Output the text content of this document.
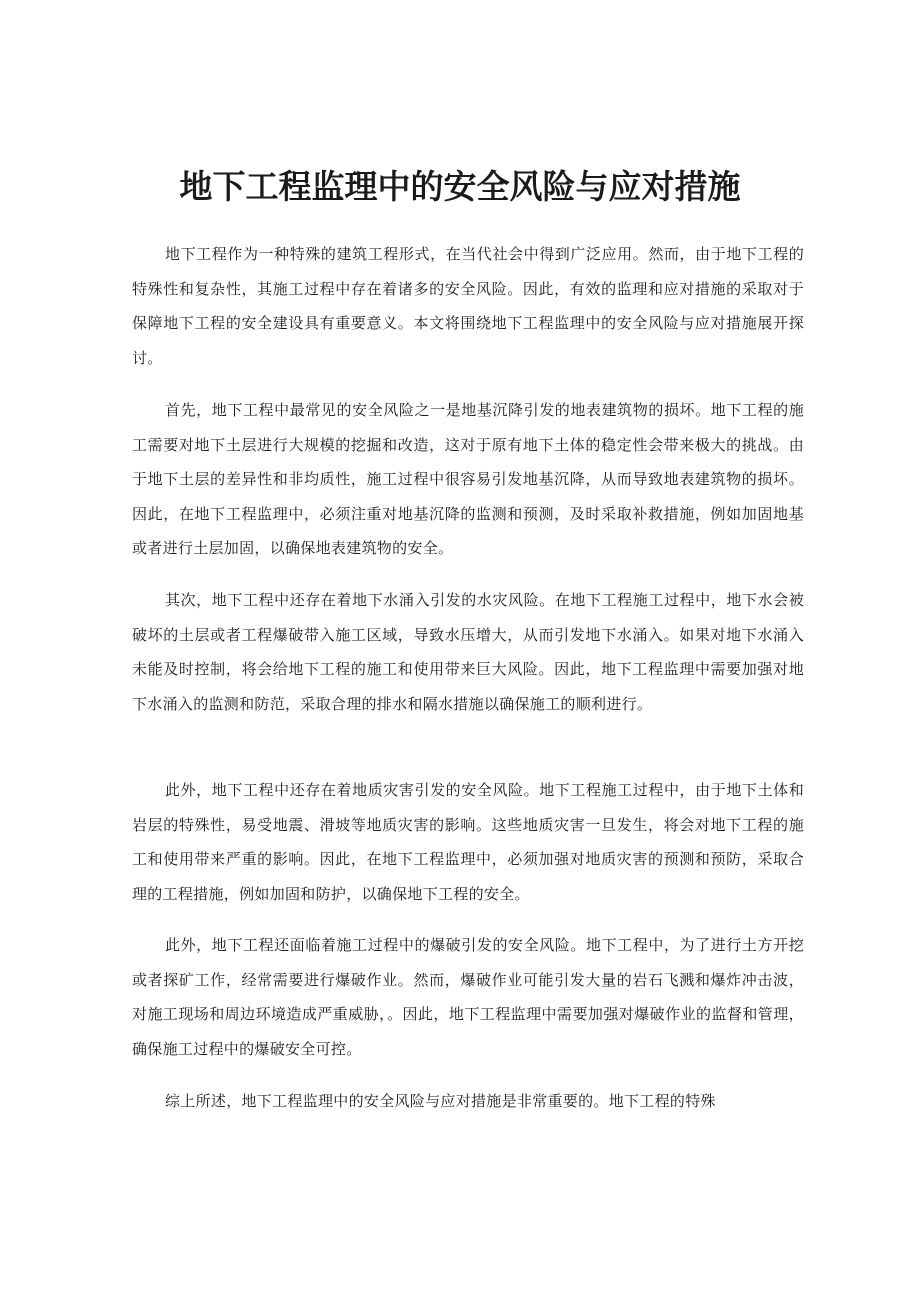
地下工程监理中的安全风险与应对措施

地下工程作为一种特殊的建筑工程形式，在当代社会中得到广泛应用。然而，由于地下工程的特殊性和复杂性，其施工过程中存在着诸多的安全风险。因此，有效的监理和应对措施的采取对于保障地下工程的安全建设具有重要意义。本文将围绕地下工程监理中的安全风险与应对措施展开探讨。

首先，地下工程中最常见的安全风险之一是地基沉降引发的地表建筑物的损坏。地下工程的施工需要对地下土层进行大规模的挖掘和改造，这对于原有地下土体的稳定性会带来极大的挑战。由于地下土层的差异性和非均质性，施工过程中很容易引发地基沉降，从而导致地表建筑物的损坏。因此，在地下工程监理中，必须注重对地基沉降的监测和预测，及时采取补救措施，例如加固地基或者进行土层加固，以确保地表建筑物的安全。

其次，地下工程中还存在着地下水涌入引发的水灾风险。在地下工程施工过程中，地下水会被破坏的土层或者工程爆破带入施工区域，导致水压增大，从而引发地下水涌入。如果对地下水涌入未能及时控制，将会给地下工程的施工和使用带来巨大风险。因此，地下工程监理中需要加强对地下水涌入的监测和防范，采取合理的排水和隔水措施以确保施工的顺利进行。

此外，地下工程中还存在着地质灾害引发的安全风险。地下工程施工过程中，由于地下土体和岩层的特殊性，易受地震、滑坡等地质灾害的影响。这些地质灾害一旦发生，将会对地下工程的施工和使用带来严重的影响。因此，在地下工程监理中，必须加强对地质灾害的预测和预防，采取合理的工程措施，例如加固和防护，以确保地下工程的安全。

此外，地下工程还面临着施工过程中的爆破引发的安全风险。地下工程中，为了进行土方开挖或者探矿工作，经常需要进行爆破作业。然而，爆破作业可能引发大量的岩石飞溅和爆炸冲击波，对施工现场和周边环境造成严重威胁，。因此，地下工程监理中需要加强对爆破作业的监督和管理，确保施工过程中的爆破安全可控。

综上所述，地下工程监理中的安全风险与应对措施是非常重要的。地下工程的特殊
